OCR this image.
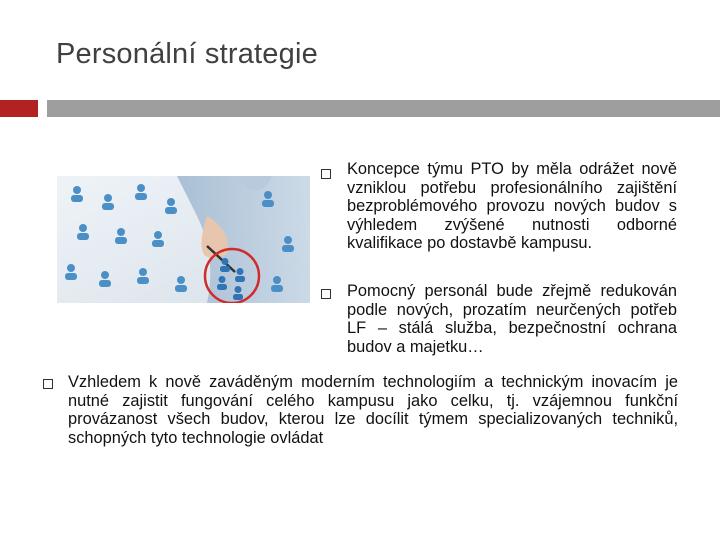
Personální strategie
Koncepce týmu PTO by měla odrážet nově vzniklou potřebu profesionálního zajištění bezproblémového provozu nových budov s výhledem zvýšené nutnosti odborné kvalifikace po dostavbě kampusu.
Pomocný personál bude zřejmě redukován podle nových, prozatím neurčených potřeb LF – stálá služba, bezpečnostní ochrana budov a majetku…
Vzhledem k nově zaváděným moderním technologiím a technickým inovacím je nutné zajistit fungování celého kampusu jako celku, tj. vzájemnou funkční provázanost všech budov, kterou lze docílit týmem specializovaných techniků, schopných tyto technologie ovládat
